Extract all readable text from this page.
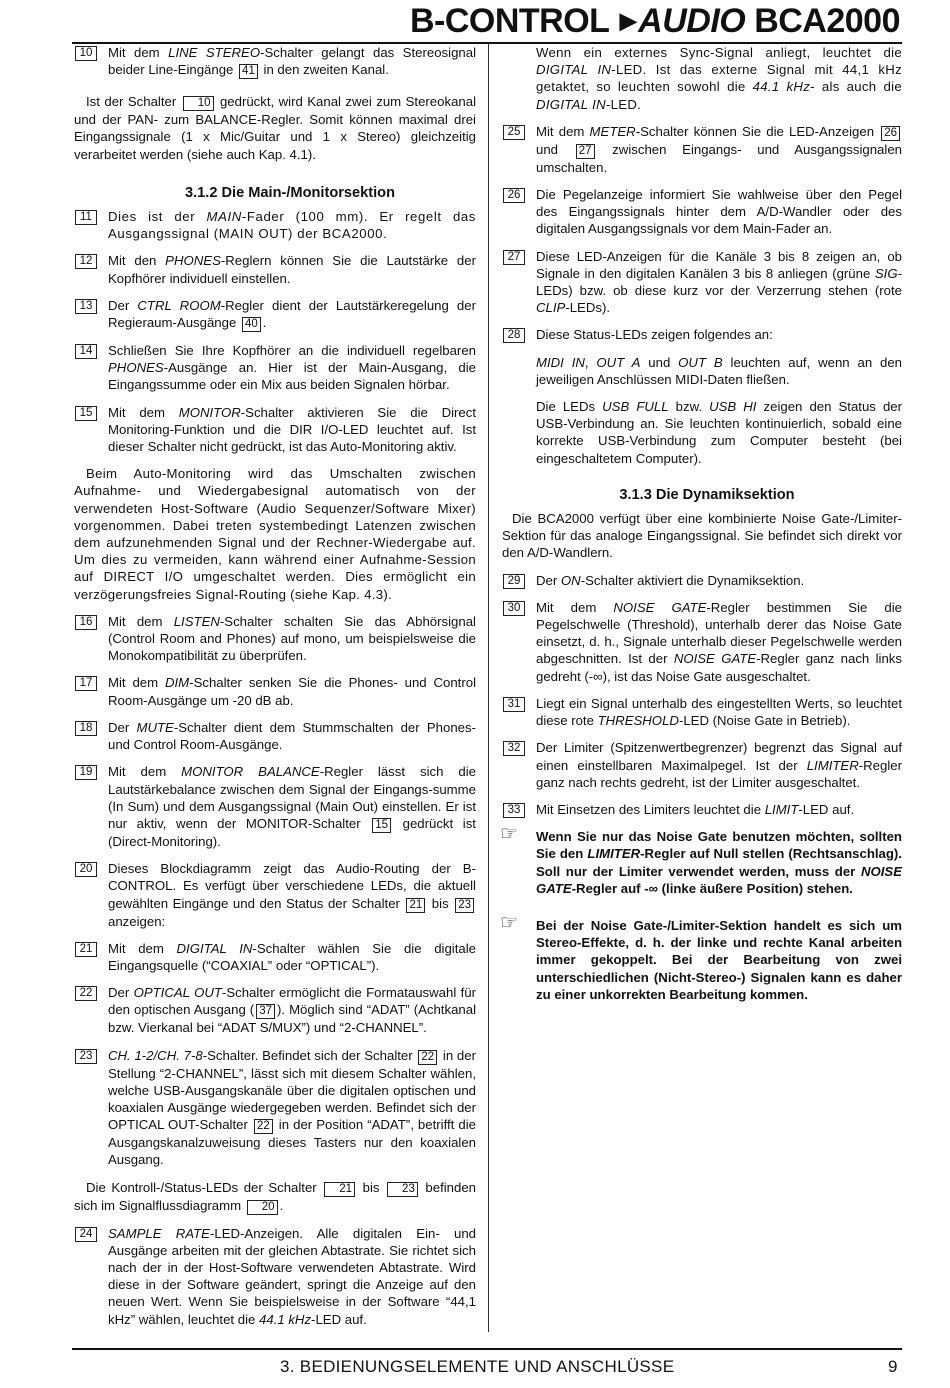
B-CONTROL ▶AUDIO BCA2000
10	Mit dem LINE STEREO-Schalter gelangt das Stereosignal beider Line-Eingänge 41 in den zweiten Kanal.

Ist der Schalter 10 gedrückt, wird Kanal zwei zum Stereokanal und der PAN- zum BALANCE-Regler. Somit können maximal drei Eingangssignale (1 x Mic/Guitar und 1 x Stereo) gleichzeitig verarbeitet werden (siehe auch Kap. 4.1).

3.1.2 Die Main-/Monitorsektion
11	Dies ist der MAIN-Fader (100 mm). Er regelt das Ausgangssignal (MAIN OUT) der BCA2000.
12	Mit den PHONES-Reglern können Sie die Lautstärke der Kopfhörer individuell einstellen.
13	Der CTRL ROOM-Regler dient der Lautstärkeregelung der Regieraum-Ausgänge 40 .
14	Schließen Sie Ihre Kopfhörer an die individuell regelbaren PHONES-Ausgänge an. Hier ist der Main-Ausgang, die Eingangssumme oder ein Mix aus beiden Signalen hörbar.
15	Mit dem MONITOR-Schalter aktivieren Sie die Direct Monitoring-Funktion und die DIR I/O-LED leuchtet auf. Ist dieser Schalter nicht gedrückt, ist das Auto-Monitoring aktiv.

Beim Auto-Monitoring wird das Umschalten zwischen Aufnahme- und Wiedergabesignal automatisch von der verwendeten Host-Software (Audio Sequenzer/Software Mixer) vorgenommen. Dabei treten systembedingt Latenzen zwischen dem aufzunehmenden Signal und der Rechner-Wiedergabe auf. Um dies zu vermeiden, kann während einer Aufnahme-Session auf DIRECT I/O umgeschaltet werden. Dies ermöglicht ein verzögerungsfreies Signal-Routing (siehe Kap. 4.3).

16	Mit dem LISTEN-Schalter schalten Sie das Abhörsignal (Control Room and Phones) auf mono, um beispielsweise die Monokompatibilität zu überprüfen.
17	Mit dem DIM-Schalter senken Sie die Phones- und Control Room-Ausgänge um -20 dB ab.
18	Der MUTE-Schalter dient dem Stummschalten der Phones- und Control Room-Ausgänge.
19	Mit dem MONITOR BALANCE-Regler lässt sich die Lautstärkebalance zwischen dem Signal der Eingangs-summe (In Sum) und dem Ausgangssignal (Main Out) einstellen. Er ist nur aktiv, wenn der MONITOR-Schalter 15 gedrückt ist (Direct-Monitoring).
20	Dieses Blockdiagramm zeigt das Audio-Routing der B-CONTROL. Es verfügt über verschiedene LEDs, die aktuell gewählten Eingänge und den Status der Schalter 21 bis 23 anzeigen:
21	Mit dem DIGITAL IN-Schalter wählen Sie die digitale Eingangsquelle (“COAXIAL” oder “OPTICAL”).
22	Der OPTICAL OUT-Schalter ermöglicht die Formatauswahl für den optischen Ausgang ( 37 ). Möglich sind “ADAT” (Achtkanal bzw. Vierkanal bei “ADAT S/MUX”) und “2-CHANNEL”.
23	CH. 1-2/CH. 7-8-Schalter. Befindet sich der Schalter 22 in der Stellung “2-CHANNEL”, lässt sich mit diesem Schalter wählen, welche USB-Ausgangskanäle über die digitalen optischen und koaxialen Ausgänge wiedergegeben werden. Befindet sich der OPTICAL OUT-Schalter 22 in der Position “ADAT”, betrifft die Ausgangskanalzuweisung dieses Tasters nur den koaxialen Ausgang.

Die Kontroll-/Status-LEDs der Schalter 21 bis 23 befinden sich im Signalflussdiagramm 20 .

24	SAMPLE RATE-LED-Anzeigen. Alle digitalen Ein- und Ausgänge arbeiten mit der gleichen Abtastrate. Sie richtet sich nach der in der Host-Software verwendeten Abtastrate. Wird diese in der Software geändert, springt die Anzeige auf den neuen Wert. Wenn Sie beispielsweise in der Software “44,1 kHz” wählen, leuchtet die 44.1 kHz-LED auf.

Wenn ein externes Sync-Signal anliegt, leuchtet die DIGITAL IN-LED. Ist das externe Signal mit 44,1 kHz getaktet, so leuchten sowohl die 44.1 kHz- als auch die DIGITAL IN-LED.

25	Mit dem METER-Schalter können Sie die LED-Anzeigen 26 und 27 zwischen Eingangs- und Ausgangssignalen umschalten.
26	Die Pegelanzeige informiert Sie wahlweise über den Pegel des Eingangssignals hinter dem A/D-Wandler oder des digitalen Ausgangssignals vor dem Main-Fader an.
27	Diese LED-Anzeigen für die Kanäle 3 bis 8 zeigen an, ob Signale in den digitalen Kanälen 3 bis 8 anliegen (grüne SIG-LEDs) bzw. ob diese kurz vor der Verzerrung stehen (rote CLIP-LEDs).
28	Diese Status-LEDs zeigen folgendes an:

MIDI IN, OUT A und OUT B leuchten auf, wenn an den jeweiligen Anschlüssen MIDI-Daten fließen.

Die LEDs USB FULL bzw. USB HI zeigen den Status der USB-Verbindung an. Sie leuchten kontinuierlich, sobald eine korrekte USB-Verbindung zum Computer besteht (bei eingeschaltetem Computer).

3.1.3 Die Dynamiksektion

Die BCA2000 verfügt über eine kombinierte Noise Gate-/Limiter-Sektion für das analoge Eingangssignal. Sie befindet sich direkt vor den A/D-Wandlern.

29	Der ON-Schalter aktiviert die Dynamiksektion.
30	Mit dem NOISE GATE-Regler bestimmen Sie die Pegelschwelle (Threshold), unterhalb derer das Noise Gate einsetzt, d. h., Signale unterhalb dieser Pegelschwelle werden abgeschnitten. Ist der NOISE GATE-Regler ganz nach links gedreht (-∞), ist das Noise Gate ausgeschaltet.
31	Liegt ein Signal unterhalb des eingestellten Werts, so leuchtet diese rote THRESHOLD-LED (Noise Gate in Betrieb).
32	Der Limiter (Spitzenwertbegrenzer) begrenzt das Signal auf einen einstellbaren Maximalpegel. Ist der LIMITER-Regler ganz nach rechts gedreht, ist der Limiter ausgeschaltet.
33	Mit Einsetzen des Limiters leuchtet die LIMIT-LED auf.
☞ Wenn Sie nur das Noise Gate benutzen möchten, sollten Sie den LIMITER-Regler auf Null stellen (Rechtsanschlag). Soll nur der Limiter verwendet werden, muss der NOISE GATE-Regler auf -∞ (linke äußere Position) stehen.
☞ Bei der Noise Gate-/Limiter-Sektion handelt es sich um Stereo-Effekte, d. h. der linke und rechte Kanal arbeiten immer gekoppelt. Bei der Bearbeitung von zwei unterschiedlichen (Nicht-Stereo-) Signalen kann es daher zu einer unkorrekten Bearbeitung kommen.
3. BEDIENUNGSELEMENTE UND ANSCHLÜSSE	9
